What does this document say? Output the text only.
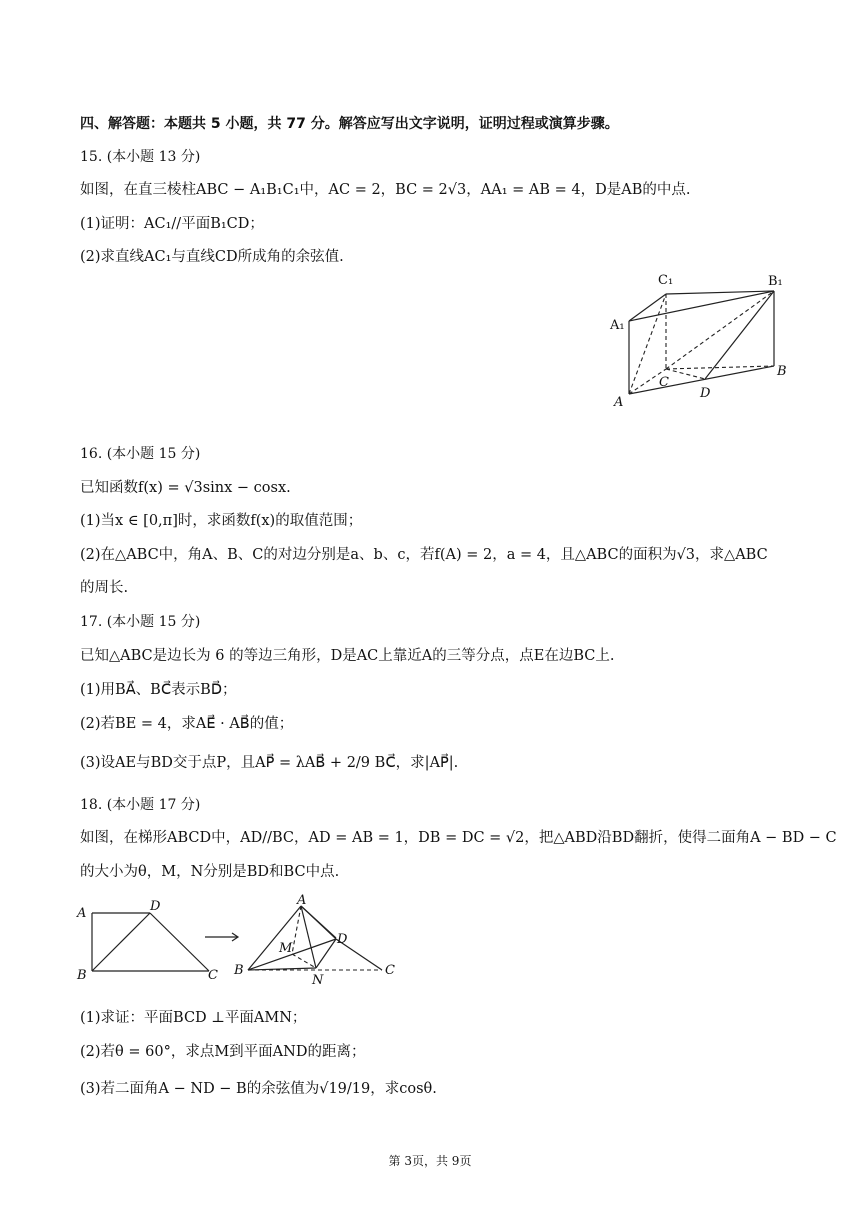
四、解答题：本题共 5 小题，共 77 分。解答应写出文字说明，证明过程或演算步骤。
15. (本小题 13 分)
如图，在直三棱柱ABC − A₁B₁C₁中，AC = 2，BC = 2√3，AA₁ = AB = 4，D是AB的中点.
(1)证明：AC₁//平面B₁CD；
(2)求直线AC₁与直线CD所成角的余弦值.
C₁	B₁
A₁
C
B
A
D
16. (本小题 15 分)
已知函数f(x) = √3sinx − cosx.
(1)当x ∈ [0,π]时，求函数f(x)的取值范围；
(2)在△ABC中，角A、B、C的对边分别是a、b、c，若f(A) = 2，a = 4，且△ABC的面积为√3，求△ABC
的周长.
17. (本小题 15 分)
已知△ABC是边长为 6 的等边三角形，D是AC上靠近A的三等分点，点E在边BC上.
(1)用BA⃗、BC⃗表示BD⃗；
(2)若BE = 4，求AE⃗ · AB⃗的值；
(3)设AE与BD交于点P，且AP⃗ = λAB⃗ + 2/9 BC⃗，求|AP⃗|.
18. (本小题 17 分)
如图，在梯形ABCD中，AD//BC，AD = AB = 1，DB = DC = √2，把△ABD沿BD翻折，使得二面角A − BD − C
的大小为θ，M，N分别是BD和BC中点.
A	D
B	C
A
M
D
B
N
C
(1)求证：平面BCD ⊥平面AMN；
(2)若θ = 60°，求点M到平面AND的距离；
(3)若二面角A − ND − B的余弦值为√19/19，求cosθ.
第 3页，共 9页
